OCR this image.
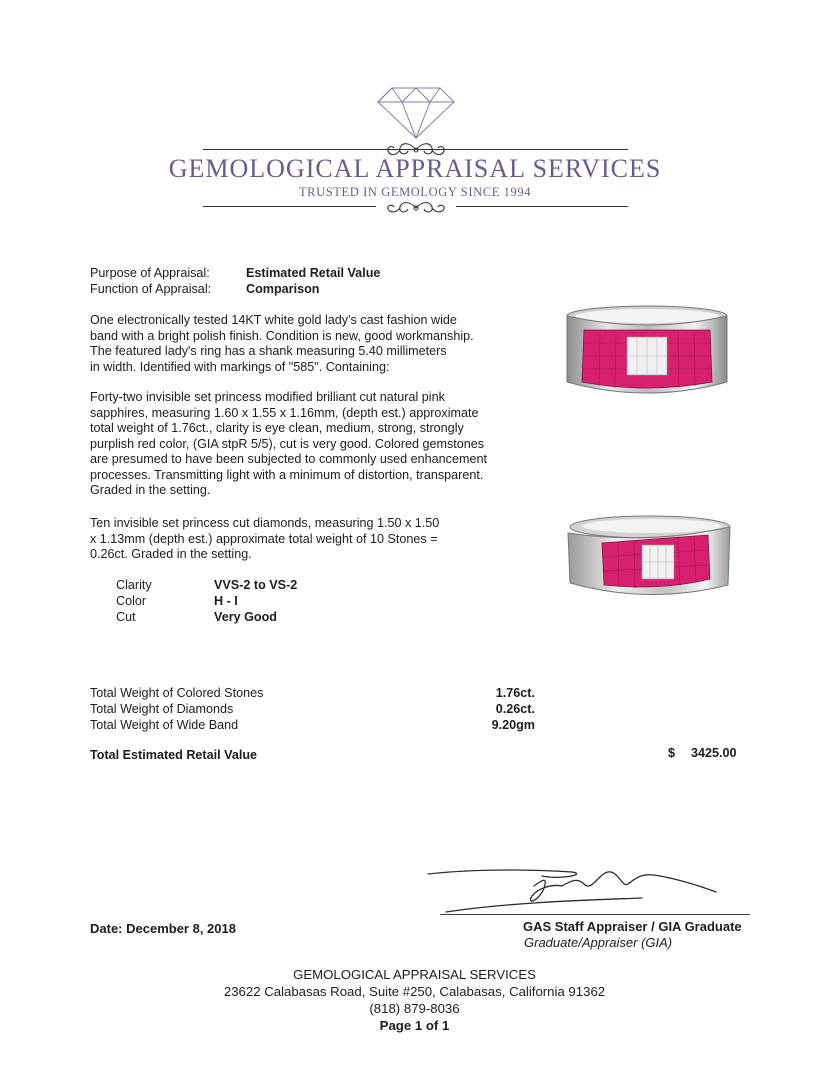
GEMOLOGICAL APPRAISAL SERVICES
TRUSTED IN GEMOLOGY SINCE 1994
Purpose of Appraisal:	Estimated Retail Value
Function of Appraisal:	Comparison
One electronically tested 14KT white gold lady's cast fashion wide
band with a bright polish finish. Condition is new, good workmanship.
The featured lady's ring has a shank measuring 5.40 millimeters
in width. Identified with markings of "585". Containing:
Forty-two invisible set princess modified brilliant cut natural pink
sapphires, measuring 1.60 x 1.55 x 1.16mm, (depth est.) approximate
total weight of 1.76ct., clarity is eye clean, medium, strong, strongly
purplish red color, (GIA stpR 5/5), cut is very good. Colored gemstones
are presumed to have been subjected to commonly used enhancement
processes. Transmitting light with a minimum of distortion, transparent.
Graded in the setting.
Ten invisible set princess cut diamonds, measuring 1.50 x 1.50
x 1.13mm (depth est.) approximate total weight of 10 Stones =
0.26ct. Graded in the setting.
Clarity	VVS-2 to VS-2
Color	H - I
Cut	Very Good
Total Weight of Colored Stones	1.76ct.
Total Weight of Diamonds	0.26ct.
Total Weight of Wide Band	9.20gm
Total Estimated Retail Value	$ 3425.00
Date: December 8, 2018	GAS Staff Appraiser / GIA Graduate
Graduate/Appraiser (GIA)
GEMOLOGICAL APPRAISAL SERVICES
23622 Calabasas Road, Suite #250, Calabasas, California 91362
(818) 879-8036
Page 1 of 1
